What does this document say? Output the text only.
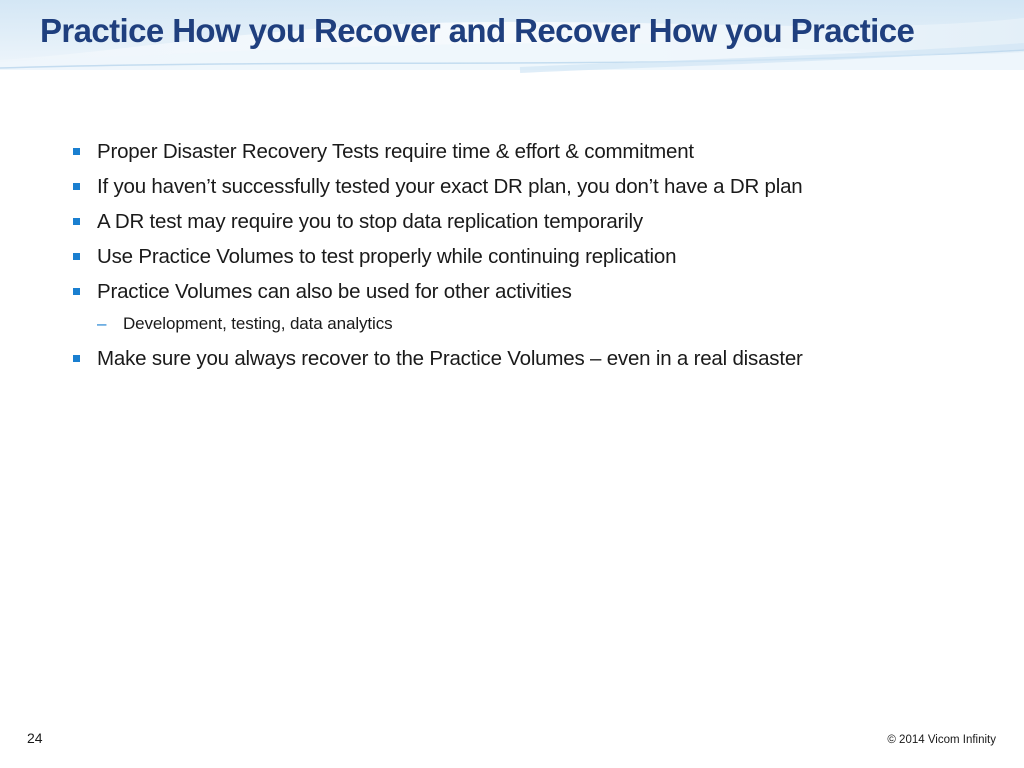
Practice How you Recover and Recover How you Practice
Proper Disaster Recovery Tests require time & effort & commitment
If you haven’t successfully tested your exact DR plan, you don’t have a DR plan
A DR test may require you to stop data replication temporarily
Use Practice Volumes to test properly while continuing replication
Practice Volumes can also be used for other activities
– Development, testing, data analytics
Make sure you always recover to the Practice Volumes – even in a real disaster
24	© 2014 Vicom Infinity
